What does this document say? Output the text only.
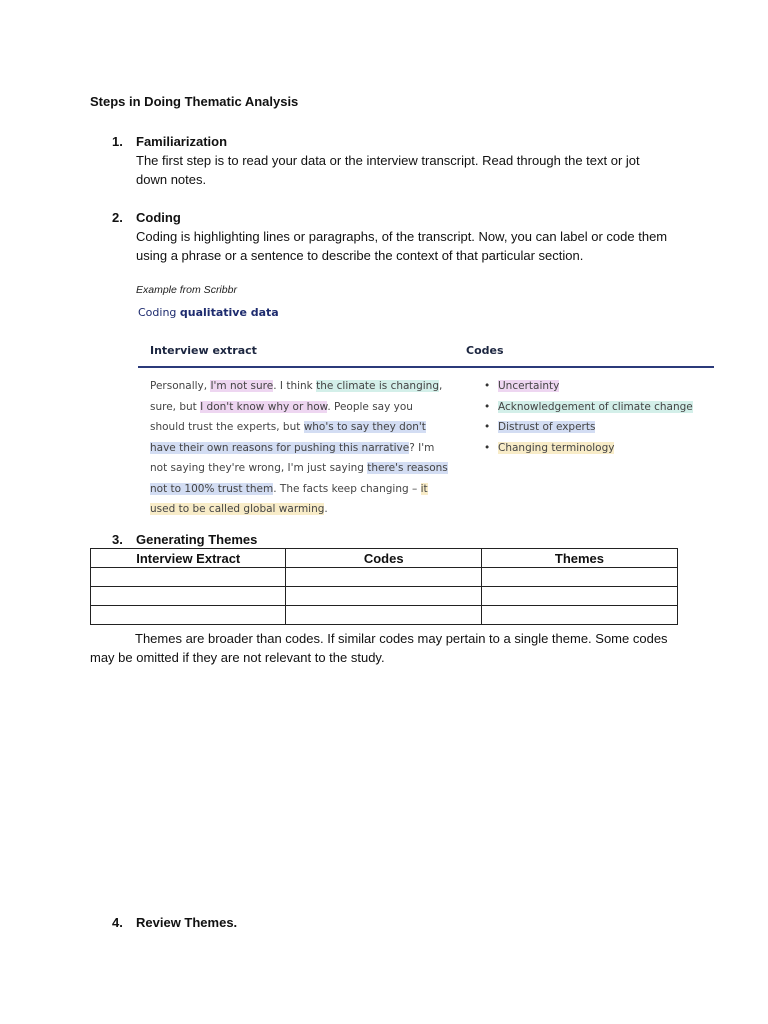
Steps in Doing Thematic Analysis
1. Familiarization
The first step is to read your data or the interview transcript. Read through the text or jot down notes.
2. Coding
Coding is highlighting lines or paragraphs, of the transcript. Now, you can label or code them using a phrase or a sentence to describe the context of that particular section.
Example from Scribbr
Coding qualitative data
Interview extract	Codes
Personally, I'm not sure. I think the climate is changing, sure, but I don't know why or how. People say you should trust the experts, but who's to say they don't have their own reasons for pushing this narrative? I'm not saying they're wrong, I'm just saying there's reasons not to 100% trust them. The facts keep changing – it used to be called global warming.
• Uncertainty
• Acknowledgement of climate change
• Distrust of experts
• Changing terminology
3. Generating Themes
Interview Extract	Codes	Themes

Themes are broader than codes. If similar codes may pertain to a single theme. Some codes may be omitted if they are not relevant to the study.
4. Review Themes.
